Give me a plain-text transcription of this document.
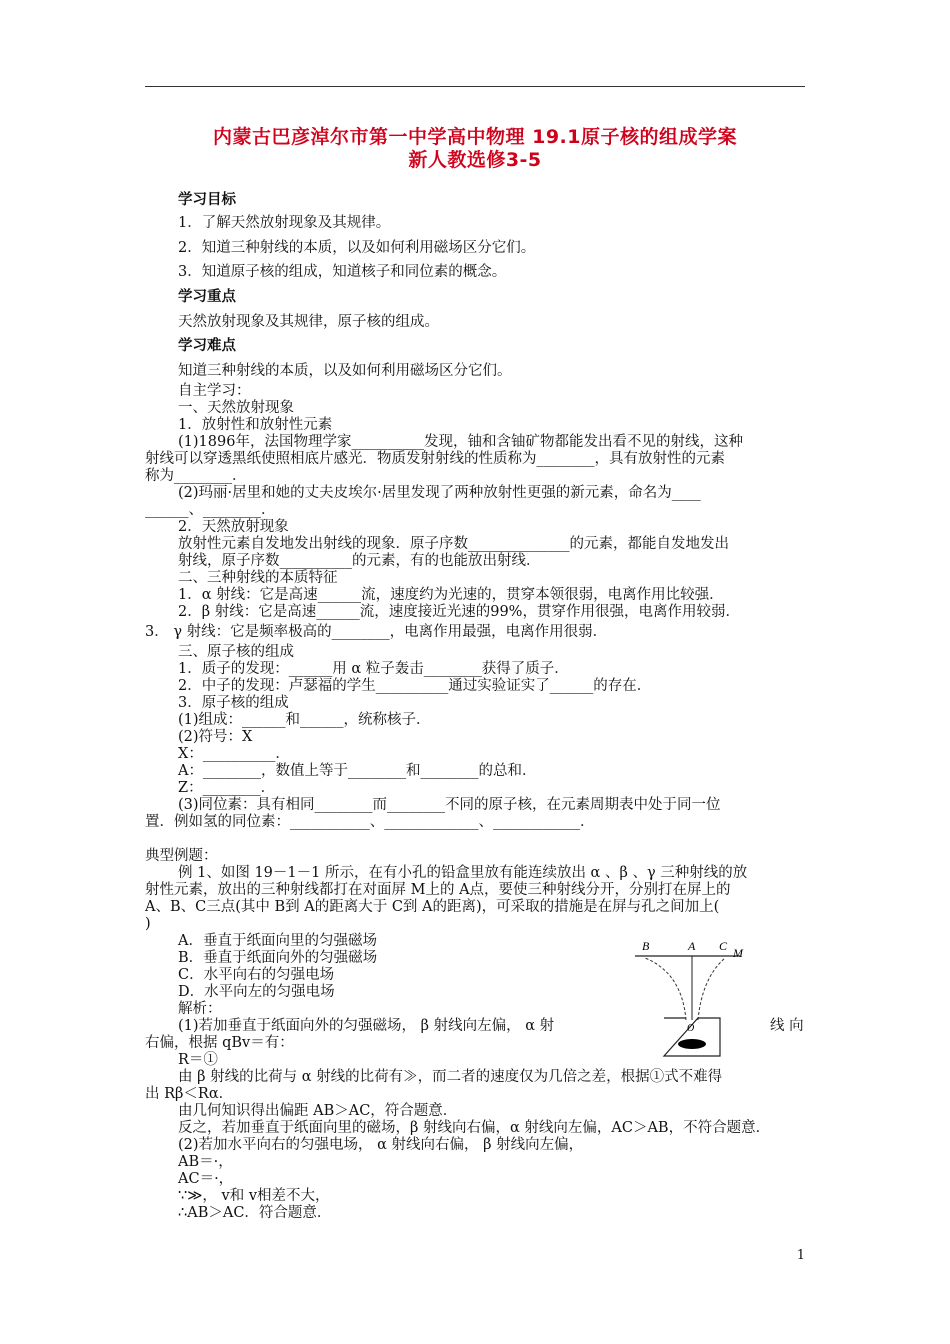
内蒙古巴彦淖尔市第一中学高中物理 19.1原子核的组成学案
新人教选修3-5
学习目标
1．了解天然放射现象及其规律。
2．知道三种射线的本质，以及如何利用磁场区分它们。
3．知道原子核的组成，知道核子和同位素的概念。
学习重点
天然放射现象及其规律，原子核的组成。
学习难点
知道三种射线的本质，以及如何利用磁场区分它们。
自主学习：
一、天然放射现象
1．放射性和放射性元素
(1)1896年，法国物理学家__________发现，铀和含铀矿物都能发出看不见的射线，这种
射线可以穿透黑纸使照相底片感光．物质发射射线的性质称为________，具有放射性的元素
称为________．
(2)玛丽·居里和她的丈夫皮埃尔·居里发现了两种放射性更强的新元素，命名为____
______、________．
2．天然放射现象
放射性元素自发地发出射线的现象．原子序数______________的元素，都能自发地发出
射线，原子序数__________的元素，有的也能放出射线．
二、三种射线的本质特征
1．α 射线：它是高速______流，速度约为光速的，贯穿本领很弱，电离作用比较强．
2．β 射线：它是高速______流，速度接近光速的99%，贯穿作用很强，电离作用较弱．
3． γ 射线：它是频率极高的________，电离作用最强，电离作用很弱．
三、原子核的组成
1．质子的发现：______用 α 粒子轰击________获得了质子．
2．中子的发现：卢瑟福的学生__________通过实验证实了______的存在．
3．原子核的组成
(1)组成：______和______，统称核子．
(2)符号：X
X：__________．
A：________，数值上等于________和________的总和．
Z：________．
(3)同位素：具有相同________而________不同的原子核，在元素周期表中处于同一位
置．例如氢的同位素：___________、_____________、____________．
典型例题：
例 1、如图 19－1－1 所示，在有小孔的铅盒里放有能连续放出 α 、β 、γ 三种射线的放
射性元素，放出的三种射线都打在对面屏 M上的 A点，要使三种射线分开，分别打在屏上的
A、B、C三点(其中 B到 A的距离大于 C到 A的距离)，可采取的措施是在屏与孔之间加上(
)
A．垂直于纸面向里的匀强磁场
B．垂直于纸面向外的匀强磁场
C．水平向右的匀强电场
D．水平向左的匀强电场
解析：
(1)若加垂直于纸面向外的匀强磁场， β 射线向左偏， α 射	线 向
右偏，根据 qBv＝有：
R＝①
由 β 射线的比荷与 α 射线的比荷有≫，而二者的速度仅为几倍之差，根据①式不难得
出 Rβ＜Rα．
由几何知识得出偏距 AB＞AC，符合题意．
反之，若加垂直于纸面向里的磁场，β 射线向右偏，α 射线向左偏，AC＞AB，不符合题意．
(2)若加水平向右的匀强电场， α 射线向右偏， β 射线向左偏，
AB＝·，
AC＝·，
∵≫， v和 v相差不大，
∴AB＞AC．符合题意．
B	A C M
O
1
